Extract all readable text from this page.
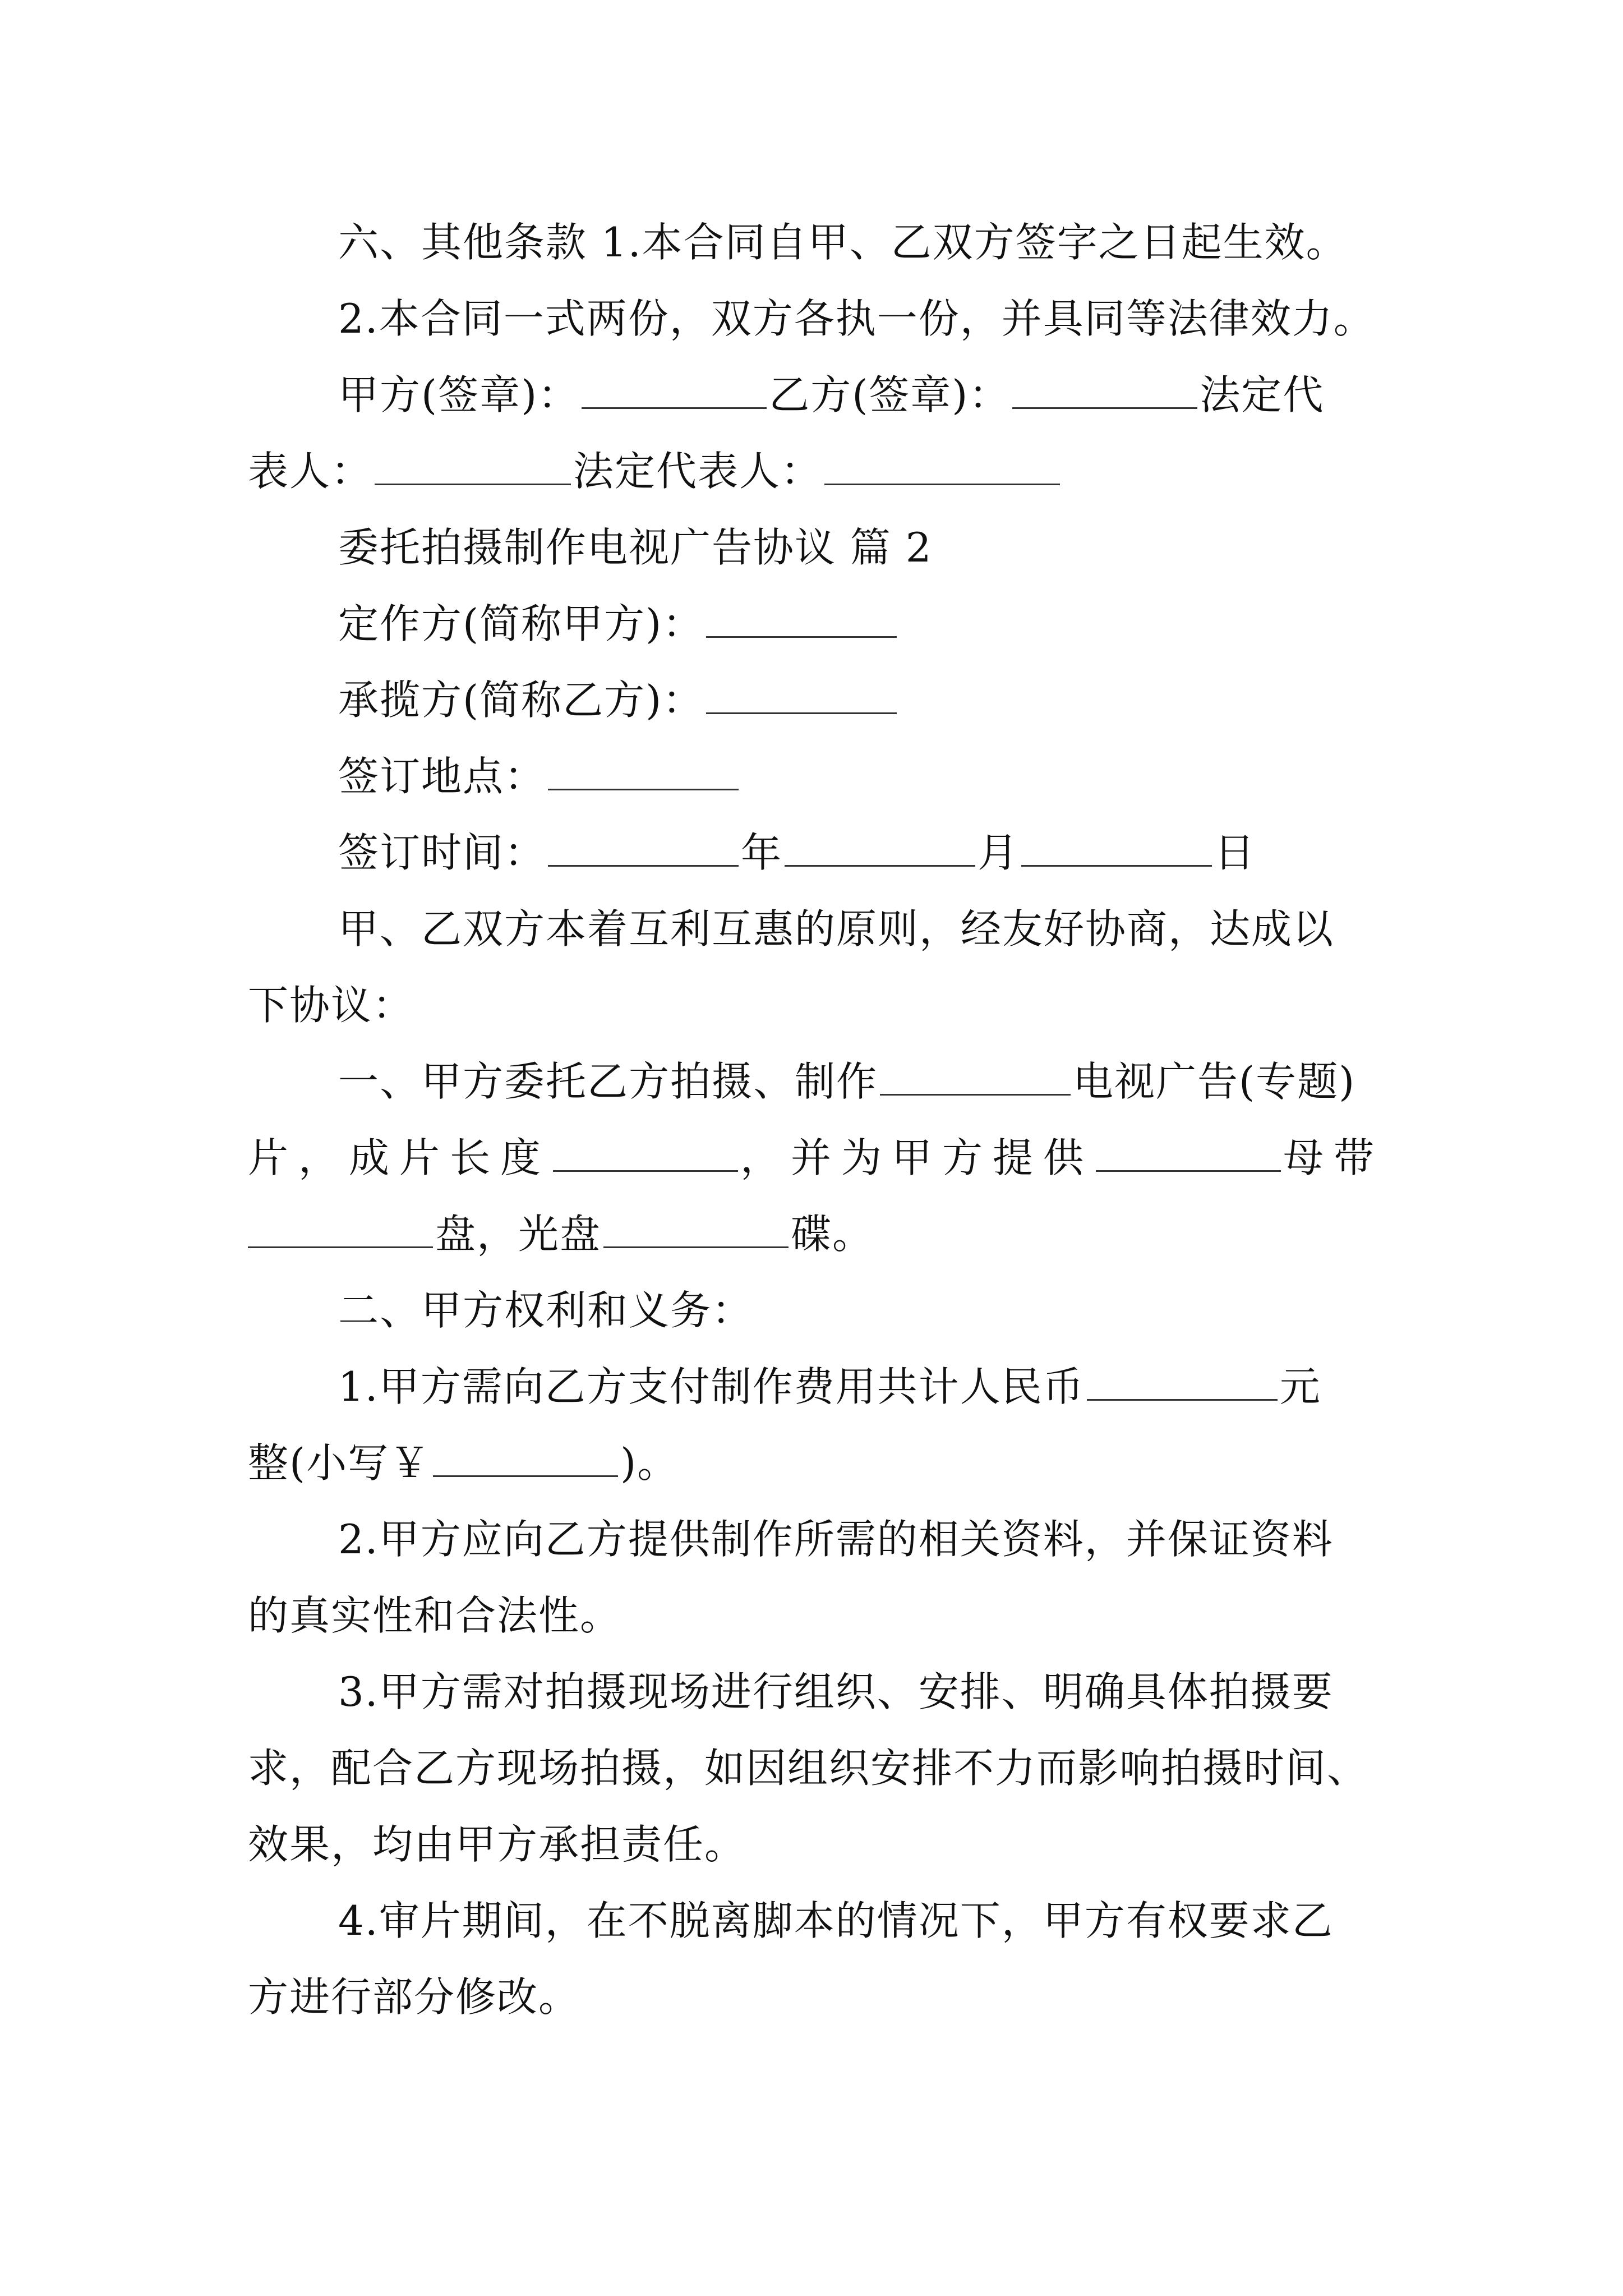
六、其他条款 1.本合同自甲、乙双方签字之日起生效。
2.本合同一式两份，双方各执一份，并具同等法律效力。
甲方(签章)：	乙方(签章)：	法定代
表人：	法定代表人：
委托拍摄制作电视广告协议 篇 2
定作方(简称甲方)：
承揽方(简称乙方)：
签订地点：
签订时间：	年	月	日
甲、乙双方本着互利互惠的原则，经友好协商，达成以
下协议：
一、甲方委托乙方拍摄、制作	电视广告(专题)
片，成片长度	，并为甲方提供	母带
盘，光盘	碟。
二、甲方权利和义务：
1.甲方需向乙方支付制作费用共计人民币	元
整(小写￥	)。
2.甲方应向乙方提供制作所需的相关资料，并保证资料
的真实性和合法性。
3.甲方需对拍摄现场进行组织、安排、明确具体拍摄要
求，配合乙方现场拍摄，如因组织安排不力而影响拍摄时间、
效果，均由甲方承担责任。
4.审片期间，在不脱离脚本的情况下，甲方有权要求乙
方进行部分修改。
